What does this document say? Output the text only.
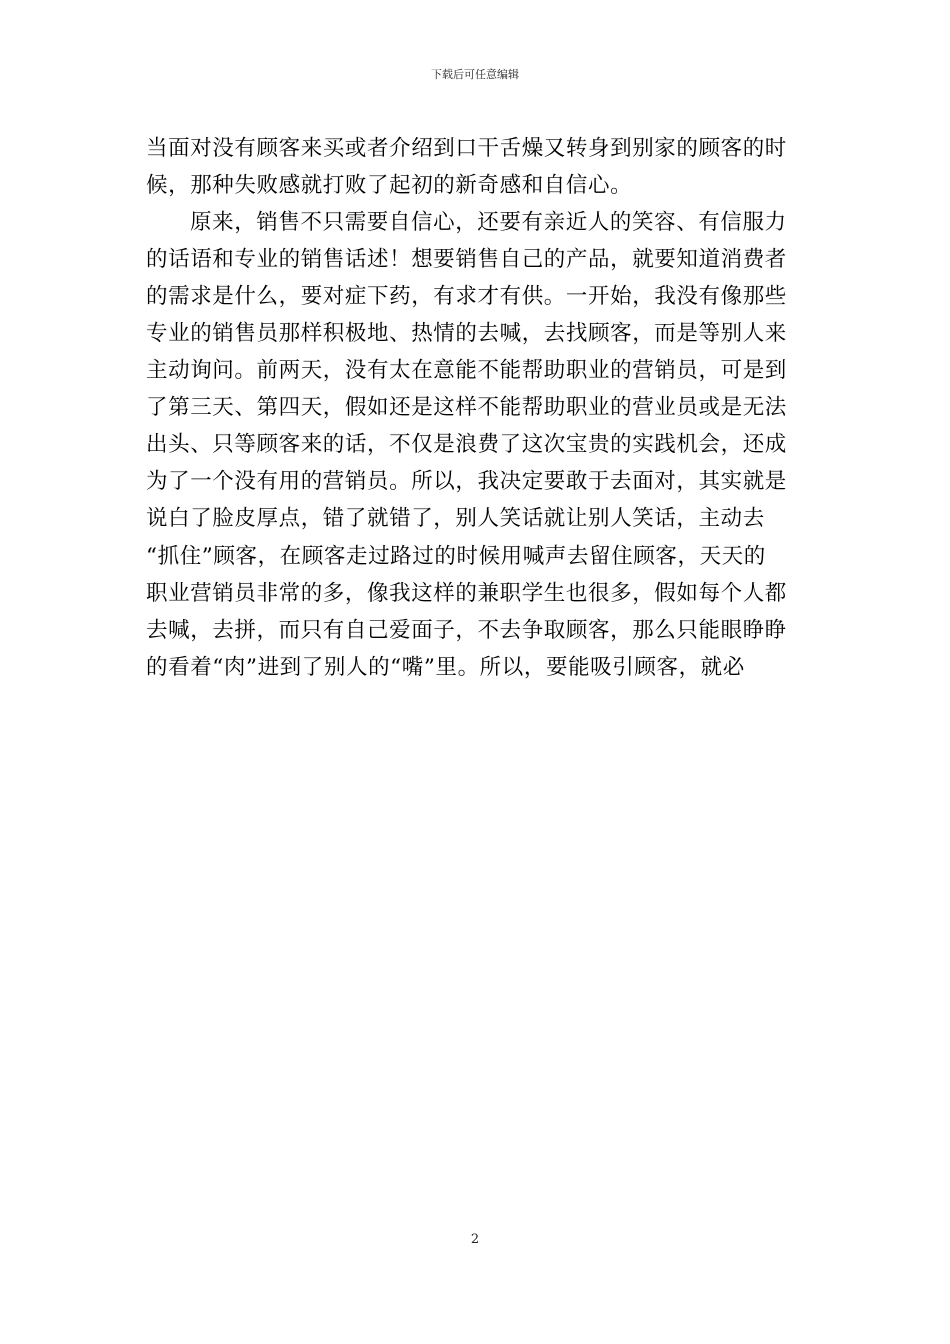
下载后可任意编辑
当面对没有顾客来买或者介绍到口干舌燥又转身到别家的顾客的时
候，那种失败感就打败了起初的新奇感和自信心。
原来，销售不只需要自信心，还要有亲近人的笑容、有信服力
的话语和专业的销售话述！想要销售自己的产品，就要知道消费者
的需求是什么，要对症下药，有求才有供。一开始，我没有像那些
专业的销售员那样积极地、热情的去喊，去找顾客，而是等别人来
主动询问。前两天，没有太在意能不能帮助职业的营销员，可是到
了第三天、第四天，假如还是这样不能帮助职业的营业员或是无法
出头、只等顾客来的话，不仅是浪费了这次宝贵的实践机会，还成
为了一个没有用的营销员。所以，我决定要敢于去面对，其实就是
说白了脸皮厚点，错了就错了，别人笑话就让别人笑话，主动去
“抓住”顾客，在顾客走过路过的时候用喊声去留住顾客，天天的
职业营销员非常的多，像我这样的兼职学生也很多，假如每个人都
去喊，去拼，而只有自己爱面子，不去争取顾客，那么只能眼睁睁
的看着“肉”进到了别人的“嘴”里。所以，要能吸引顾客，就必
2
